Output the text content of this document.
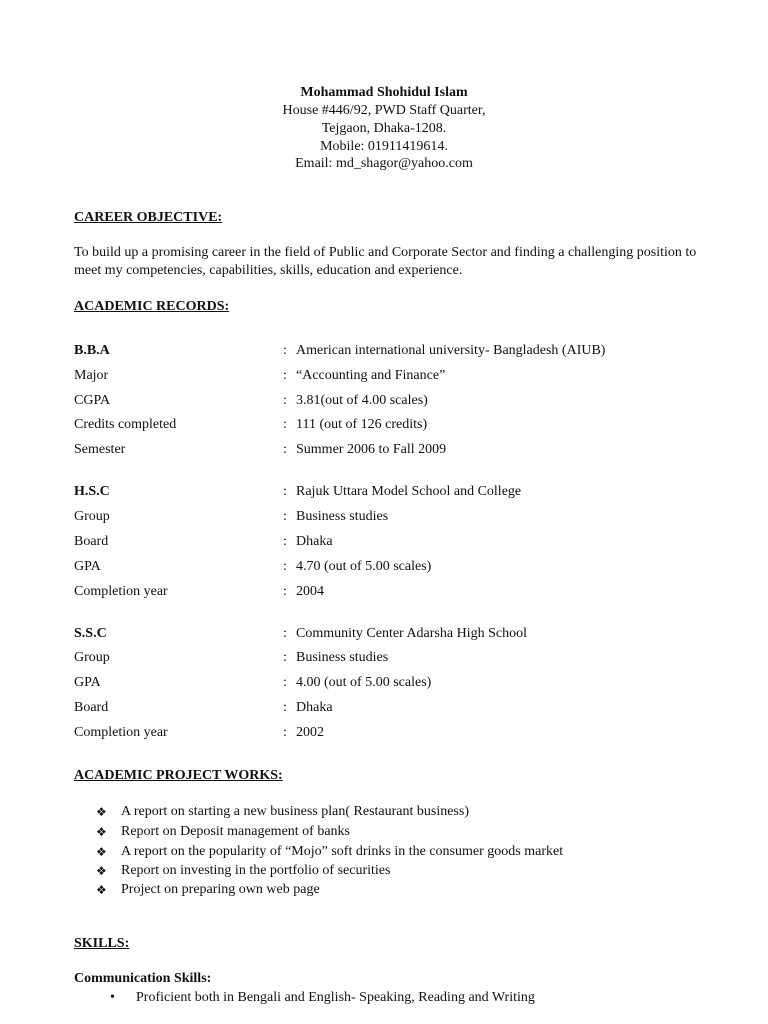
Mohammad Shohidul Islam
House #446/92, PWD Staff Quarter,
Tejgaon, Dhaka-1208.
Mobile: 01911419614.
Email: md_shagor@yahoo.com
CAREER OBJECTIVE:
To build up a promising career in the field of Public and Corporate Sector and finding a challenging position to meet my competencies, capabilities, skills, education and experience.
ACADEMIC RECORDS:
B.B.A	: American international university- Bangladesh (AIUB)
Major	: “Accounting and Finance”
CGPA	: 3.81(out of 4.00 scales)
Credits completed	: 111 (out of 126 credits)
Semester	: Summer 2006 to Fall 2009
H.S.C	: Rajuk Uttara Model School and College
Group	: Business studies
Board	: Dhaka
GPA	: 4.70 (out of 5.00 scales)
Completion year	: 2004
S.S.C	: Community Center Adarsha High School
Group	: Business studies
GPA	: 4.00 (out of 5.00 scales)
Board	: Dhaka
Completion year	: 2002
ACADEMIC PROJECT WORKS:
❖ A report on starting a new business plan( Restaurant business)
❖ Report on Deposit management of banks
❖ A report on the popularity of “Mojo” soft drinks in the consumer goods market
❖ Report on investing in the portfolio of securities
❖ Project on preparing own web page
SKILLS:
Communication Skills:
• Proficient both in Bengali and English- Speaking, Reading and Writing
